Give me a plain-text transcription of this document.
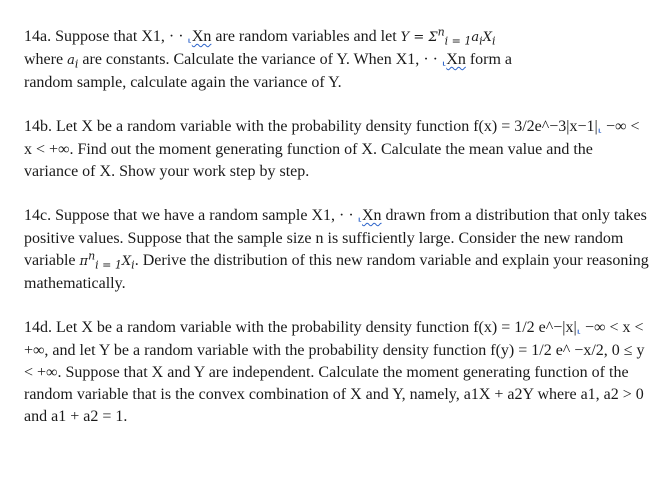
14a. Suppose that X1, · · ⸤Xn are random variables and let $Y = \Sigma^n_{i = 1}a_iX_i$
where $a_i$ are constants. Calculate the variance of Y. When X1, · · ⸤Xn form a
random sample, calculate again the variance of Y.

14b. Let X be a random variable with the probability density function f(x) = 3/2e^−3|x−1|⸤ −∞ < x < +∞. Find out the moment generating function of X. Calculate the mean value and the variance of X. Show your work step by step.

14c. Suppose that we have a random sample X1, · · ⸤Xn drawn from a distribution that only takes positive values. Suppose that the sample size n is sufficiently large. Consider the new random variable $\pi^n_{i = 1}X_i$. Derive the distribution of this new random variable and explain your reasoning mathematically.

14d. Let X be a random variable with the probability density function f(x) = 1/2 e^−|x|⸤ −∞ < x < +∞, and let Y be a random variable with the probability density function f(y) = 1/2 e^ −x/2, 0 ≤ y < +∞. Suppose that X and Y are independent. Calculate the moment generating function of the random variable that is the convex combination of X and Y, namely, a1X + a2Y where a1, a2 > 0 and a1 + a2 = 1.
